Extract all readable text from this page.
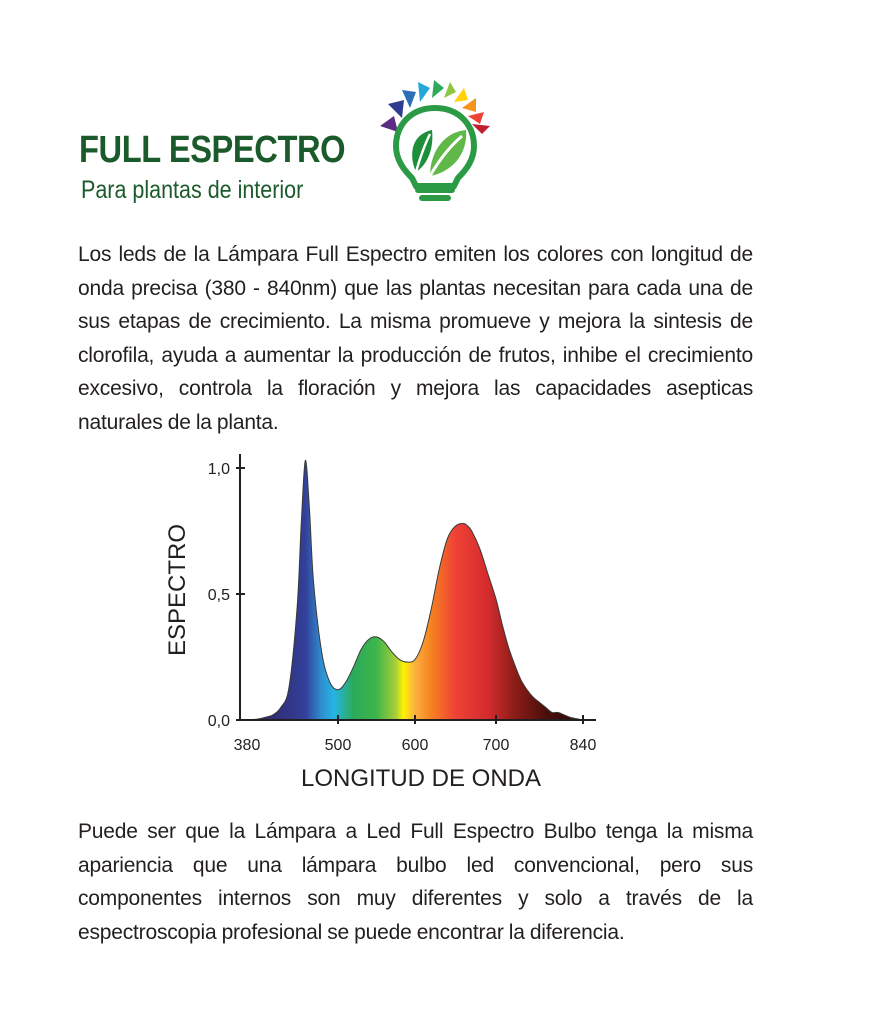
FULL ESPECTRO

Para plantas de interior

Los leds de la Lámpara Full Espectro emiten los colores con longitud de onda precisa (380 - 840nm) que las plantas necesitan para cada una de sus etapas de crecimiento. La misma promueve y mejora la sintesis de clorofila, ayuda a aumentar la producción de frutos, inhibe el crecimiento excesivo, controla la floración y mejora las capacidades asepticas naturales de la planta.

0,0
0,5
1,0
380	500	600	700	840
ESPECTRO
LONGITUD DE ONDA

Puede ser que la Lámpara a Led Full Espectro Bulbo tenga la misma apariencia que una lámpara bulbo led convencional, pero sus componentes internos son muy diferentes y solo a través de la espectroscopia profesional se puede encontrar la diferencia.
